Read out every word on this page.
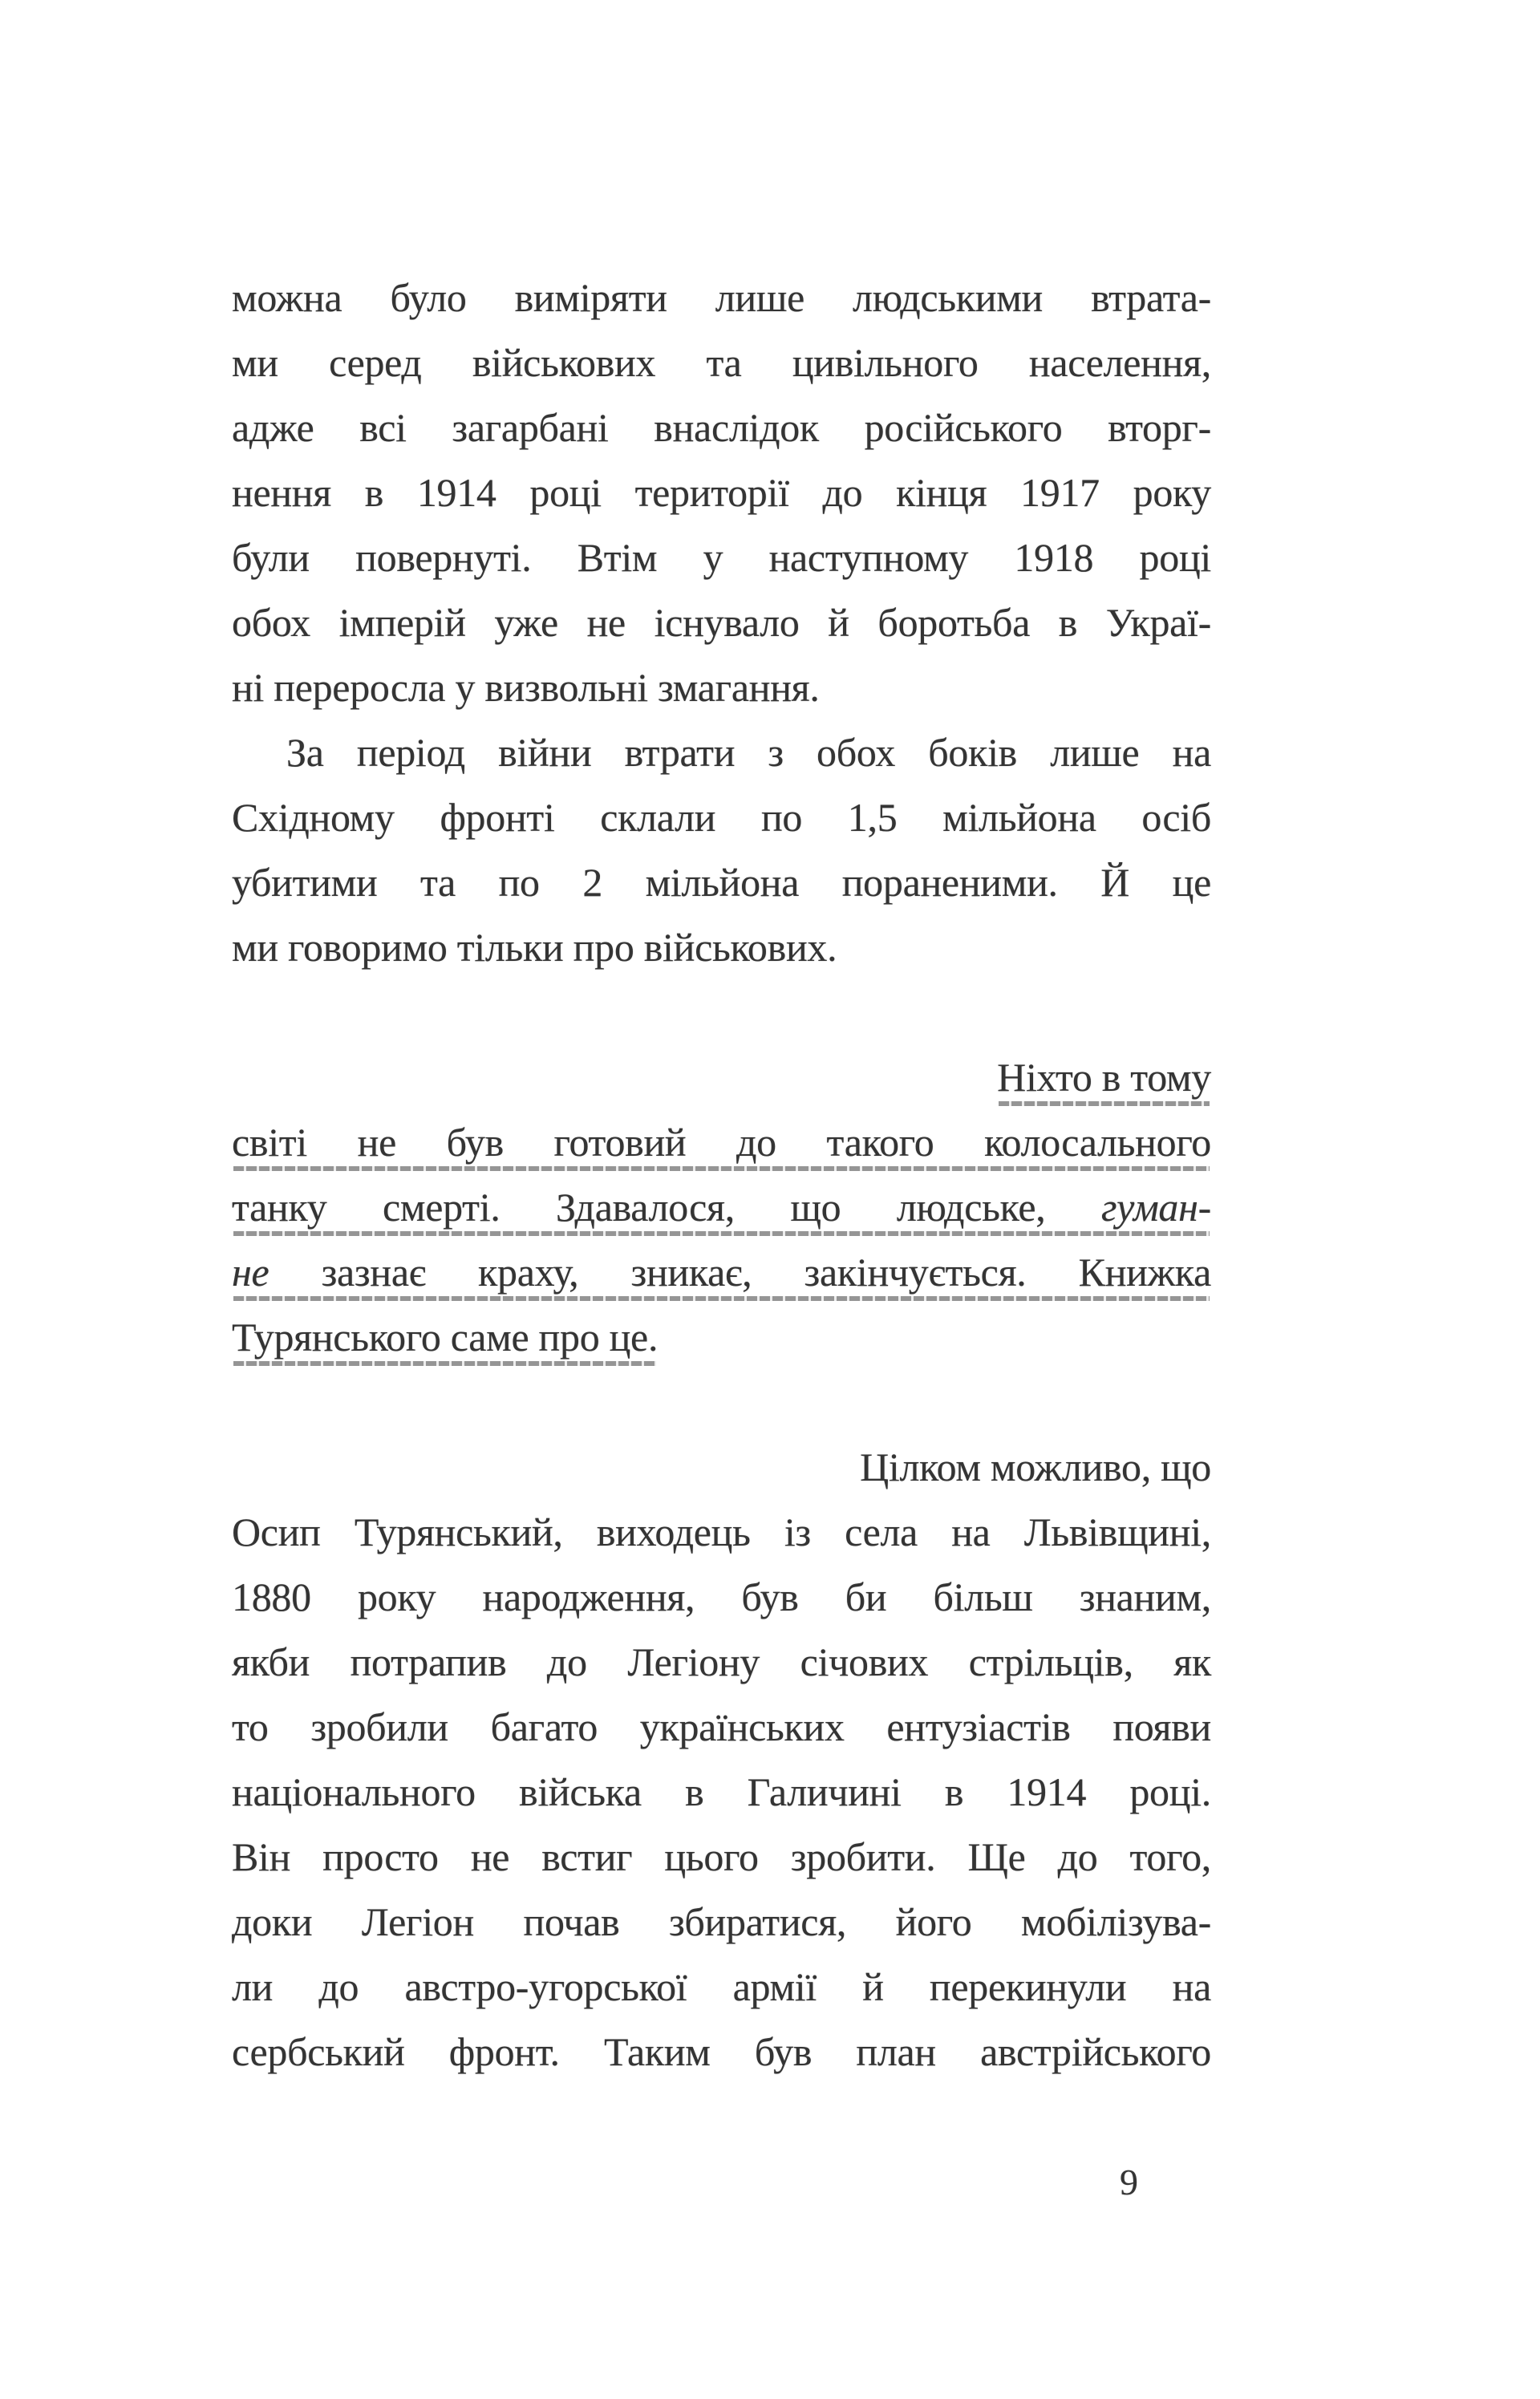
можна було виміряти лише людськими втрата-
ми серед військових та цивільного населення,
адже всі загарбані внаслідок російського вторг-
нення в 1914 році території до кінця 1917 року
були повернуті. Втім у наступному 1918 році
обох імперій уже не існувало й боротьба в Украї-
ні переросла у визвольні змагання.
За період війни втрати з обох боків лише на
Східному фронті склали по 1,5 мільйона осіб
убитими та по 2 мільйона пораненими. Й це
ми говоримо тільки про військових.
Ніхто в тому
світі не був готовий до такого колосального
танку смерті. Здавалося, що людське, гуман-
не зазнає краху, зникає, закінчується. Книжка
Турянського саме про це.
Цілком можливо, що
Осип Турянський, виходець із села на Львівщині,
1880 року народження, був би більш знаним,
якби потрапив до Легіону січових стрільців, як
то зробили багато українських ентузіастів появи
національного війська в Галичині в 1914 році.
Він просто не встиг цього зробити. Ще до того,
доки Легіон почав збиратися, його мобілізува-
ли до австро-угорської армії й перекинули на
сербський фронт. Таким був план австрійського
9
